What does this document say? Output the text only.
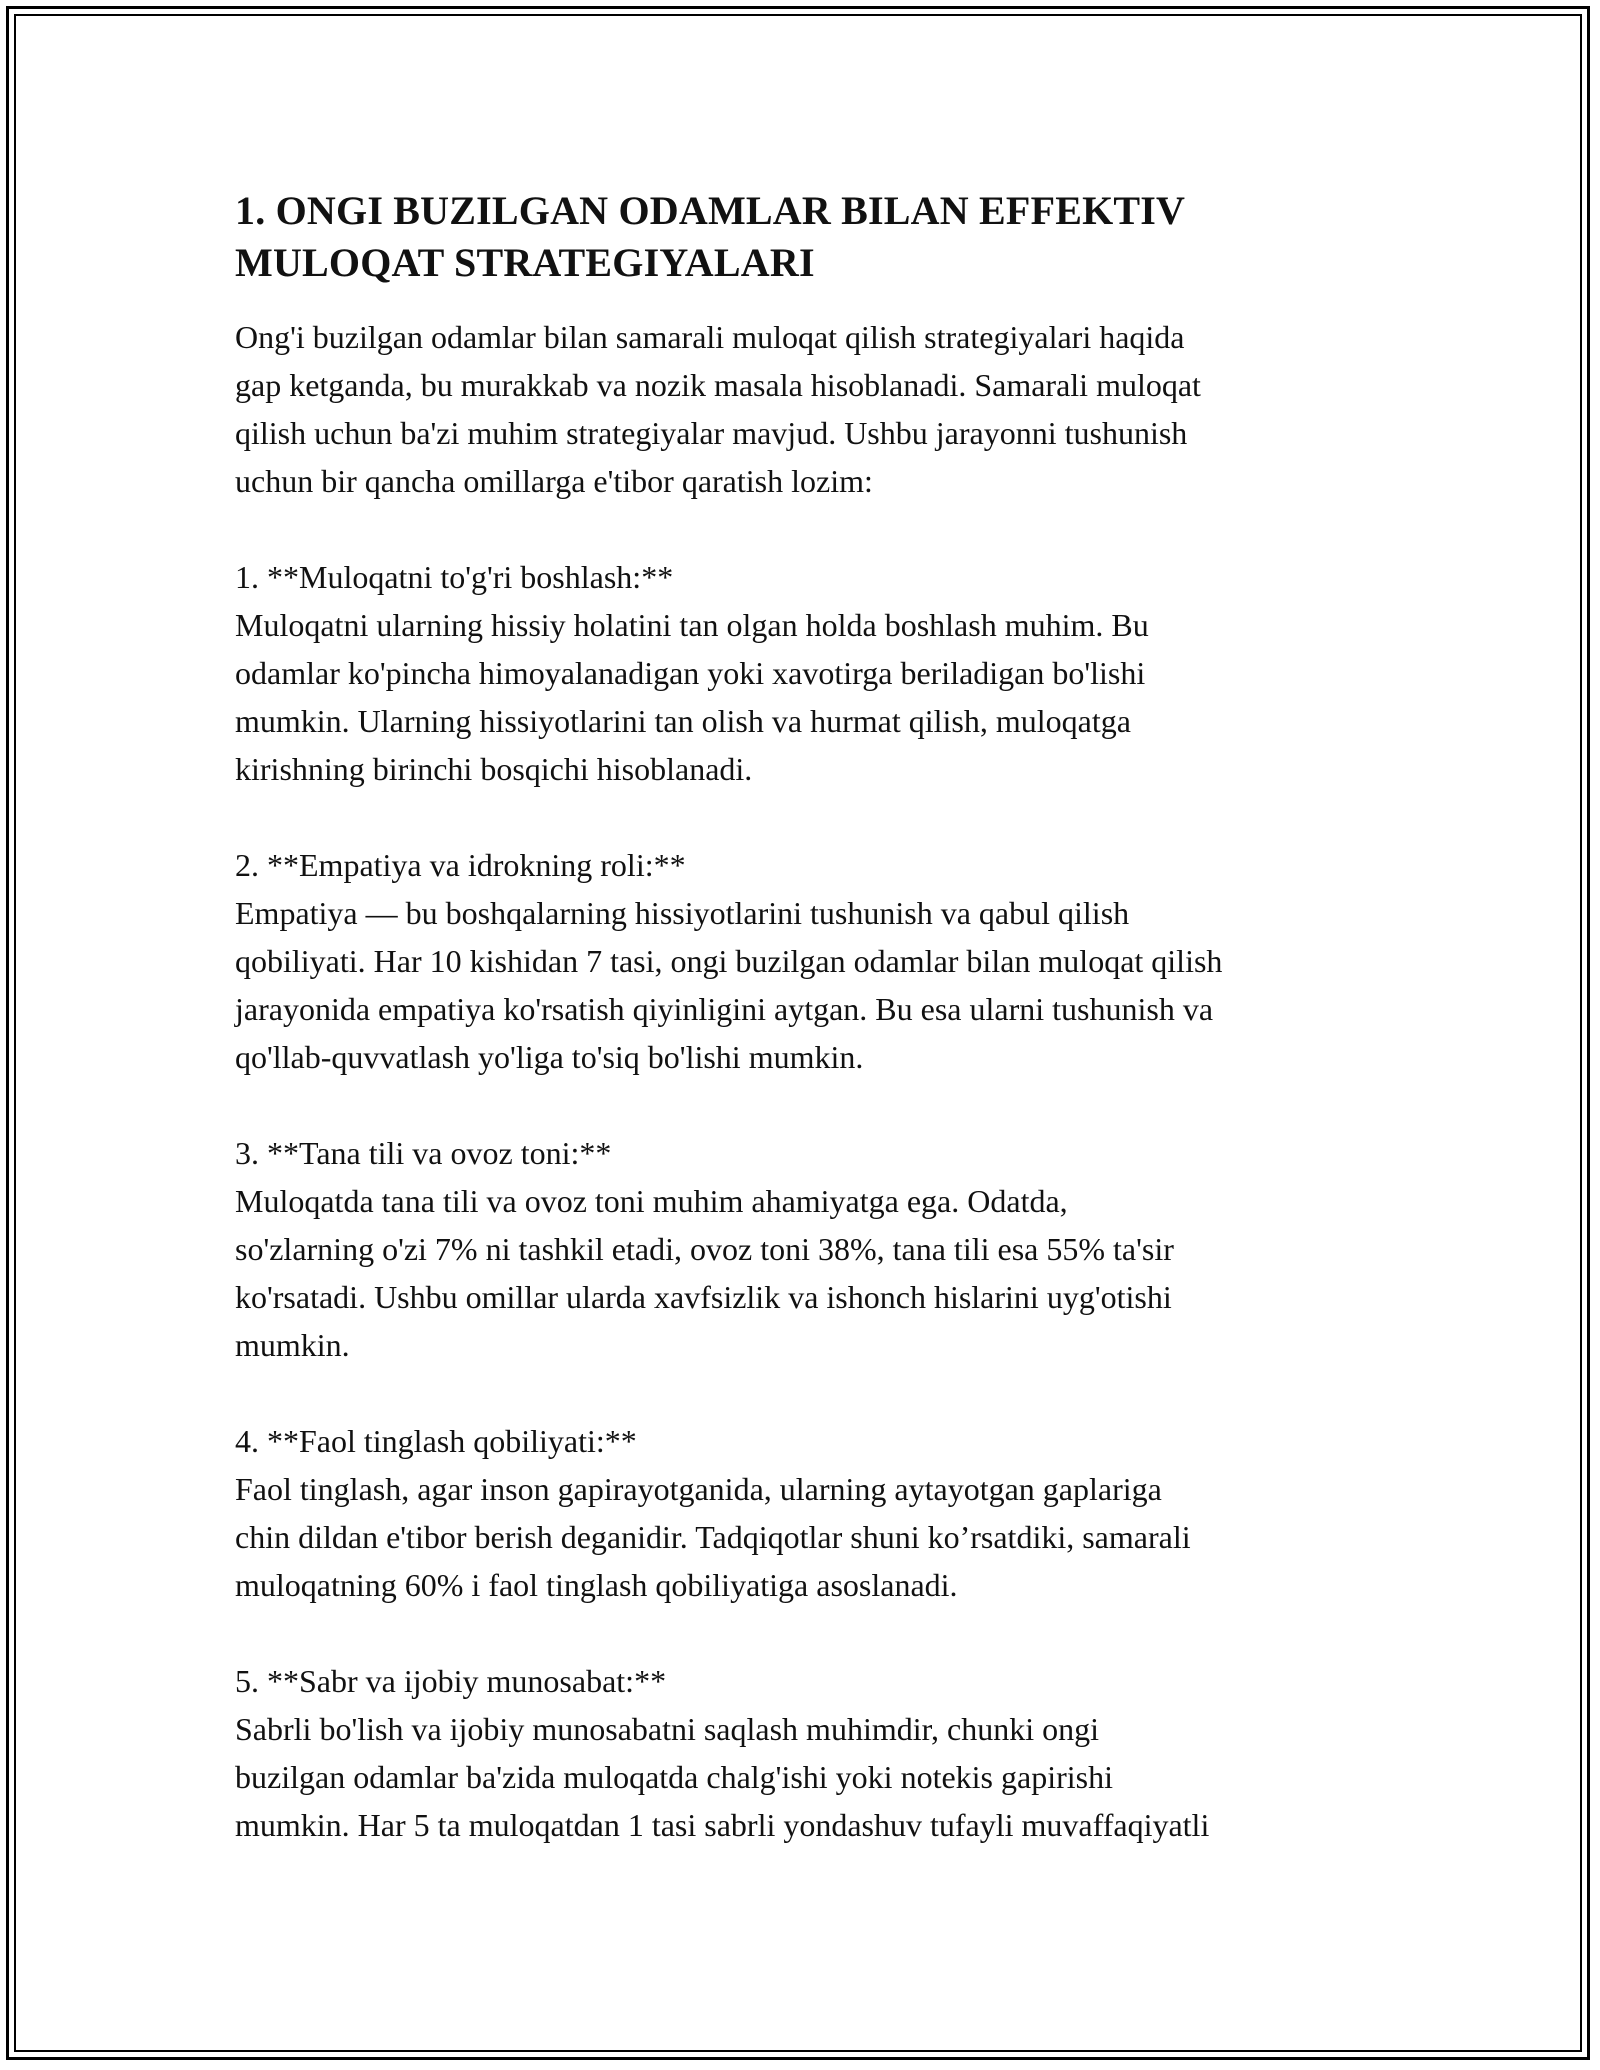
1. ONGI BUZILGAN ODAMLAR BILAN EFFEKTIV
MULOQAT STRATEGIYALARI

Ong'i buzilgan odamlar bilan samarali muloqat qilish strategiyalari haqida
gap ketganda, bu murakkab va nozik masala hisoblanadi. Samarali muloqat
qilish uchun ba'zi muhim strategiyalar mavjud. Ushbu jarayonni tushunish
uchun bir qancha omillarga e'tibor qaratish lozim:

1. **Muloqatni to'g'ri boshlash:**

Muloqatni ularning hissiy holatini tan olgan holda boshlash muhim. Bu
odamlar ko'pincha himoyalanadigan yoki xavotirga beriladigan bo'lishi
mumkin. Ularning hissiyotlarini tan olish va hurmat qilish, muloqatga
kirishning birinchi bosqichi hisoblanadi.

2. **Empatiya va idrokning roli:**

Empatiya — bu boshqalarning hissiyotlarini tushunish va qabul qilish
qobiliyati. Har 10 kishidan 7 tasi, ongi buzilgan odamlar bilan muloqat qilish
jarayonida empatiya ko'rsatish qiyinligini aytgan. Bu esa ularni tushunish va
qo'llab-quvvatlash yo'liga to'siq bo'lishi mumkin.

3. **Tana tili va ovoz toni:**

Muloqatda tana tili va ovoz toni muhim ahamiyatga ega. Odatda,
so'zlarning o'zi 7% ni tashkil etadi, ovoz toni 38%, tana tili esa 55% ta'sir
ko'rsatadi. Ushbu omillar ularda xavfsizlik va ishonch hislarini uyg'otishi
mumkin.

4. **Faol tinglash qobiliyati:**

Faol tinglash, agar inson gapirayotganida, ularning aytayotgan gaplariga
chin dildan e'tibor berish deganidir. Tadqiqotlar shuni ko’rsatdiki, samarali
muloqatning 60% i faol tinglash qobiliyatiga asoslanadi.

5. **Sabr va ijobiy munosabat:**

Sabrli bo'lish va ijobiy munosabatni saqlash muhimdir, chunki ongi
buzilgan odamlar ba'zida muloqatda chalg'ishi yoki notekis gapirishi
mumkin. Har 5 ta muloqatdan 1 tasi sabrli yondashuv tufayli muvaffaqiyatli
